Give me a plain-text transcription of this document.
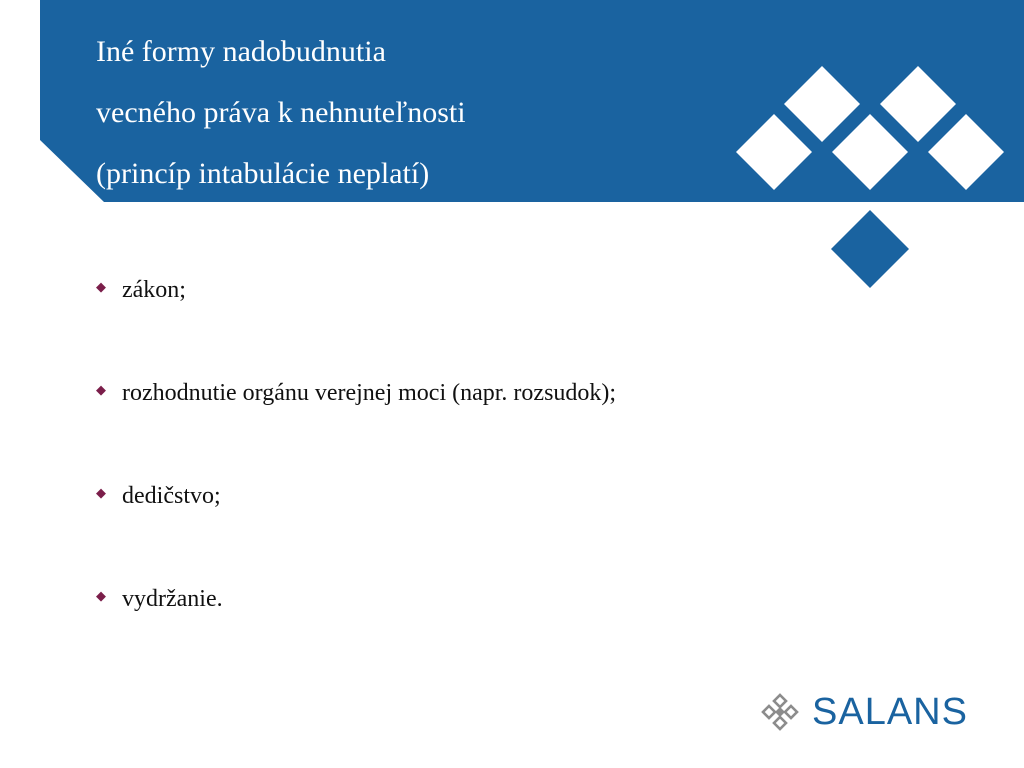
Iné formy nadobudnutia
vecného práva k nehnuteľnosti
(princíp intabulácie neplatí)
◆ zákon;
◆ rozhodnutie orgánu verejnej moci (napr. rozsudok);
◆ dedičstvo;
◆ vydržanie.
SALANS
